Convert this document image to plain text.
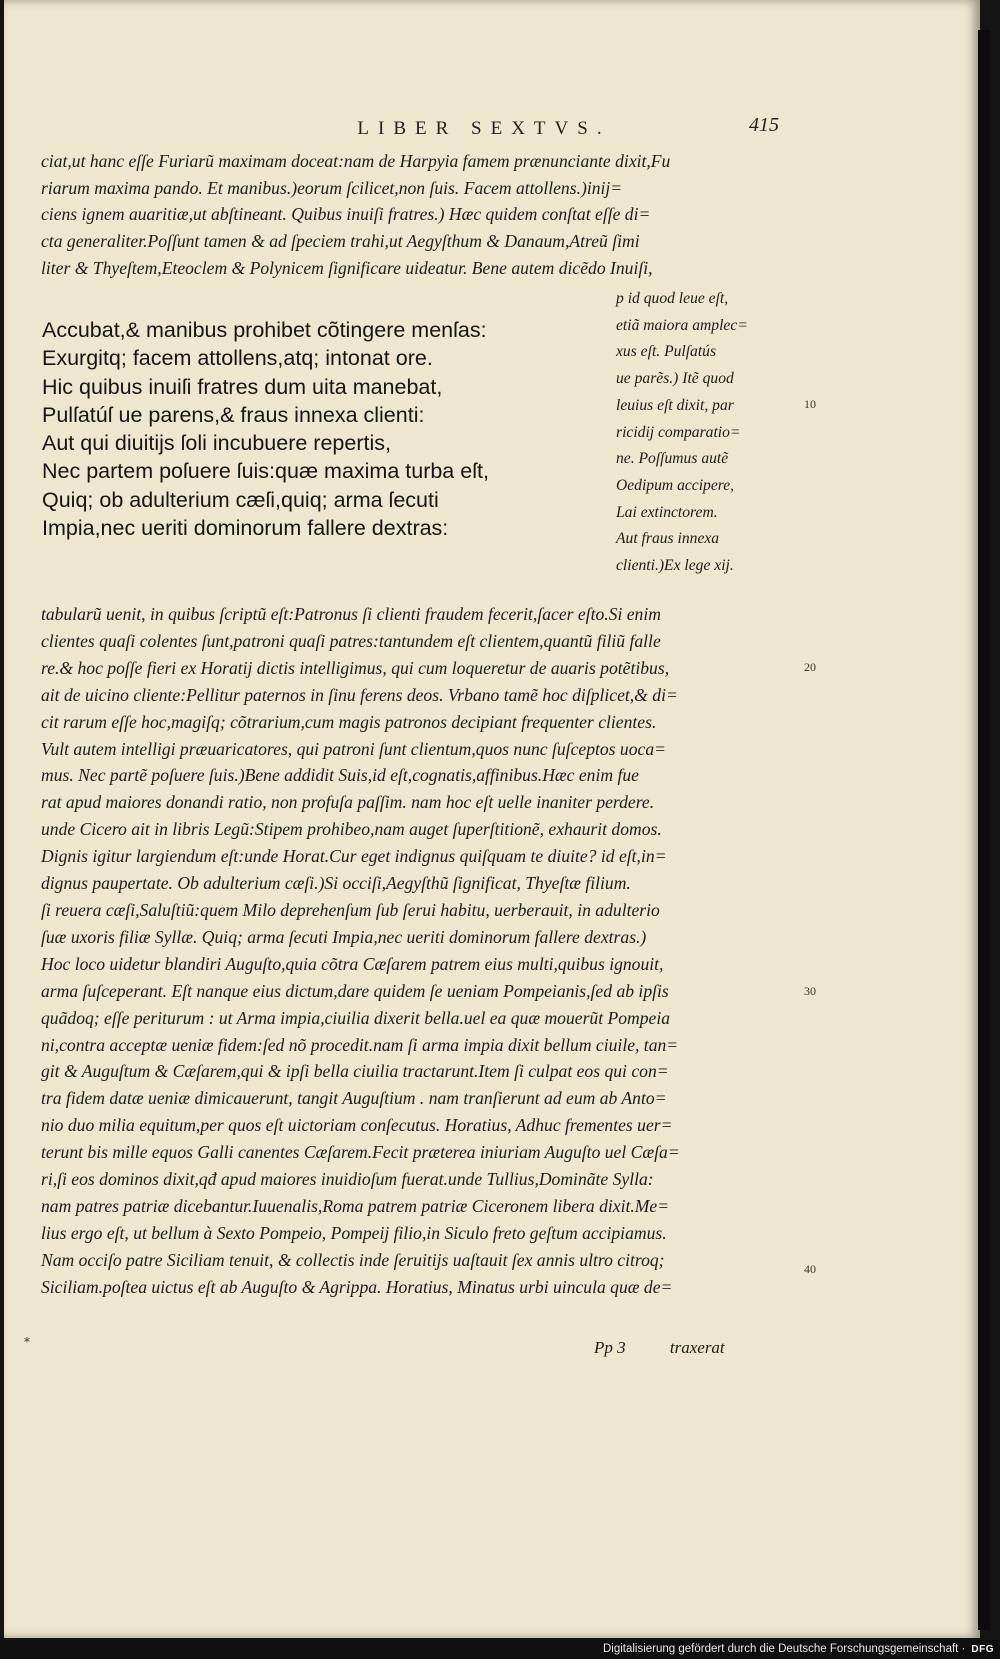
LIBER SEXTVS.	415
ciat,ut hanc eſſe Furiarũ maximam doceat:nam de Harpyia famem prænunciante dixit,Fu
riarum maxima pando. Et manibus.)eorum ſcilicet,non ſuis. Facem attollens.)inij=
ciens ignem auaritiæ,ut abſtineant. Quibus inuiſi fratres.) Hæc quidem conſtat eſſe di=
cta generaliter.Poſſunt tamen & ad ſpeciem trahi,ut Aegyſthum & Danaum,Atreũ ſimi
liter & Thyeſtem,Eteoclem & Polynicem ſignificare uideatur. Bene autem dicẽdo Inuiſi,
Accubat,& manibus prohibet cõtingere menſas:
Exurgitq; facem attollens,atq; intonat ore.
Hic quibus inuiſi fratres dum uita manebat,
Pulſatúſ ue parens,& fraus innexa clienti:
Aut qui diuitijs ſoli incubuere repertis,
Nec partem poſuere ſuis:quæ maxima turba eſt,
Quiq; ob adulterium cæſi,quiq; arma ſecuti
Impia,nec ueriti dominorum fallere dextras:
p id quod leue eſt,
etiã maiora amplec=
xus eſt. Pulſatús
ue parẽs.) Itẽ quod
leuius eſt dixit, par
ricidij comparatio=
ne. Poſſumus autẽ
Oedipum accipere,
Lai extinctorem.
Aut fraus innexa
clienti.)Ex lege xij.
tabularũ uenit, in quibus ſcriptũ eſt:Patronus ſi clienti fraudem fecerit,ſacer eſto.Si enim
clientes quaſi colentes ſunt,patroni quaſi patres:tantundem eſt clientem,quantũ filiũ falle
re.& hoc poſſe fieri ex Horatij dictis intelligimus, qui cum loqueretur de auaris potẽtibus,
ait de uicino cliente:Pellitur paternos in ſinu ferens deos. Vrbano tamẽ hoc diſplicet,& di=
cit rarum eſſe hoc,magiſq; cõtrarium,cum magis patronos decipiant frequenter clientes.
Vult autem intelligi præuaricatores, qui patroni ſunt clientum,quos nunc ſuſceptos uoca=
mus. Nec partẽ poſuere ſuis.)Bene addidit Suis,id eſt,cognatis,affinibus.Hæc enim fue
rat apud maiores donandi ratio, non profuſa paſſim. nam hoc eſt uelle inaniter perdere.
unde Cicero ait in libris Legũ:Stipem prohibeo,nam auget ſuperſtitionẽ, exhaurit domos.
Dignis igitur largiendum eſt:unde Horat.Cur eget indignus quiſquam te diuite? id eſt,in=
dignus paupertate. Ob adulterium cæſi.)Si occiſi,Aegyſthũ ſignificat, Thyeſtæ filium.
ſi reuera cæſi,Saluſtiũ:quem Milo deprehenſum ſub ſerui habitu, uerberauit, in adulterio
ſuæ uxoris filiæ Syllæ. Quiq; arma ſecuti Impia,nec ueriti dominorum fallere dextras.)
Hoc loco uidetur blandiri Auguſto,quia cõtra Cæſarem patrem eius multi,quibus ignouit,
arma ſuſceperant. Eſt nanque eius dictum,dare quidem ſe ueniam Pompeianis,ſed ab ipſis
quãdoq; eſſe periturum : ut Arma impia,ciuilia dixerit bella.uel ea quæ mouerũt Pompeia
ni,contra acceptæ ueniæ fidem:ſed nõ procedit.nam ſi arma impia dixit bellum ciuile, tan=
git & Auguſtum & Cæſarem,qui & ipſi bella ciuilia tractarunt.Item ſi culpat eos qui con=
tra fidem datæ ueniæ dimicauerunt, tangit Auguſtium . nam tranſierunt ad eum ab Anto=
nio duo milia equitum,per quos eſt uictoriam conſecutus. Horatius, Adhuc frementes uer=
terunt bis mille equos Galli canentes Cæſarem.Fecit præterea iniuriam Auguſto uel Cæſa=
ri,ſi eos dominos dixit,qđ apud maiores inuidioſum fuerat.unde Tullius,Dominãte Sylla:
nam patres patriæ dicebantur.Iuuenalis,Roma patrem patriæ Ciceronem libera dixit.Me=
lius ergo eſt, ut bellum à Sexto Pompeio, Pompeij filio,in Siculo freto geſtum accipiamus.
Nam occiſo patre Siciliam tenuit, & collectis inde ſeruitijs uaſtauit ſex annis ultro citroq;
Siciliam.poſtea uictus eſt ab Auguſto & Agrippa. Horatius, Minatus urbi uincula quæ de=
10
20
30
40
*	Pp 3	traxerat
Digitalisierung gefördert durch die Deutsche Forschungsgemeinschaft · DFG
